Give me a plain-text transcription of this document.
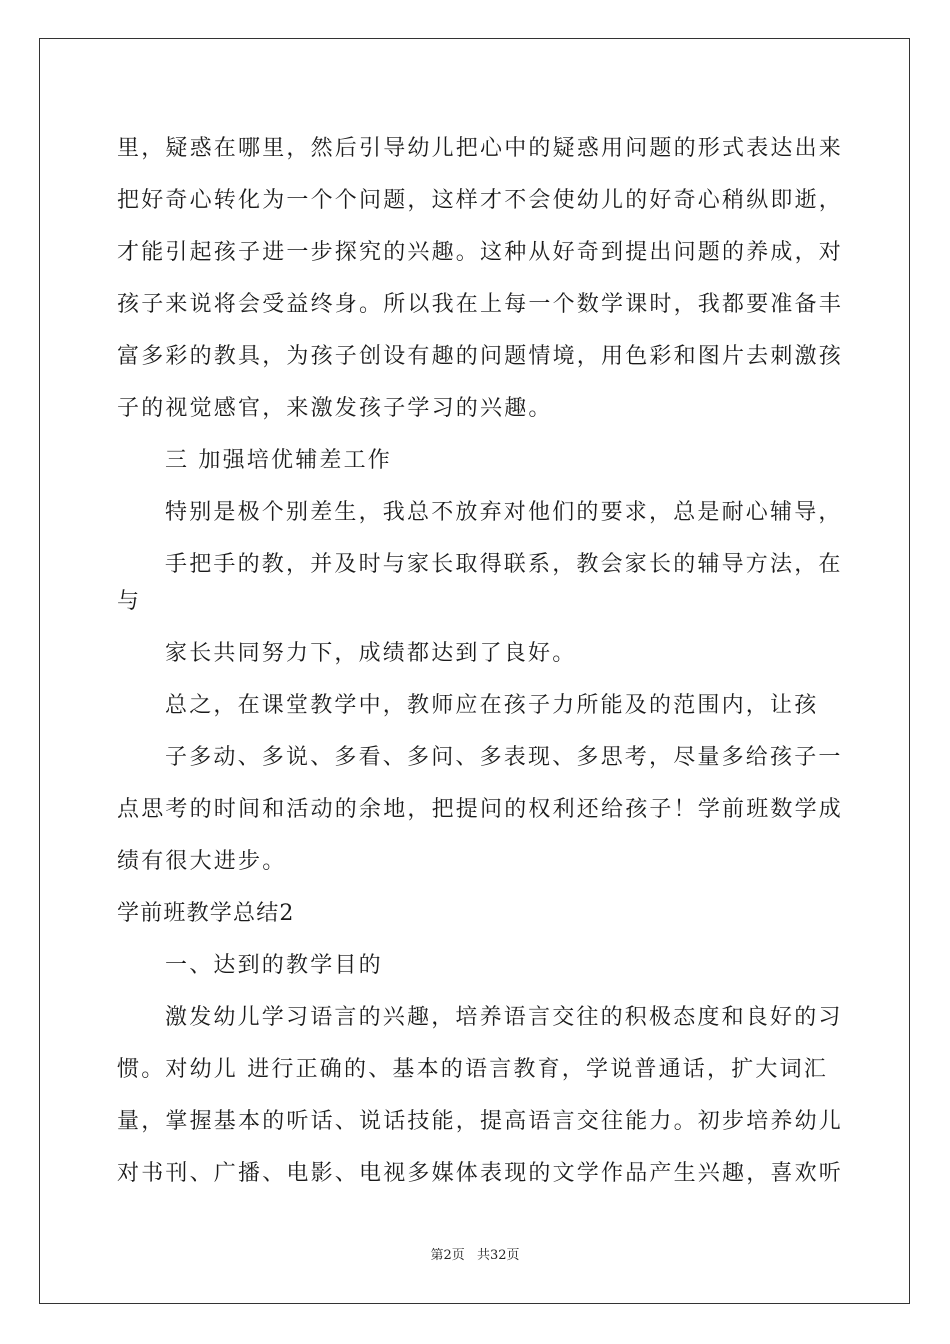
里，疑惑在哪里，然后引导幼儿把心中的疑惑用问题的形式表达出来
把好奇心转化为一个个问题，这样才不会使幼儿的好奇心稍纵即逝，
才能引起孩子进一步探究的兴趣。这种从好奇到提出问题的养成，对
孩子来说将会受益终身。所以我在上每一个数学课时，我都要准备丰
富多彩的教具，为孩子创设有趣的问题情境，用色彩和图片去刺激孩
子的视觉感官，来激发孩子学习的兴趣。
三 加强培优辅差工作
特别是极个别差生，我总不放弃对他们的要求，总是耐心辅导，
手把手的教，并及时与家长取得联系，教会家长的辅导方法，在
与
家长共同努力下，成绩都达到了良好。
总之，在课堂教学中，教师应在孩子力所能及的范围内，让孩
子多动、多说、多看、多问、多表现、多思考，尽量多给孩子一
点思考的时间和活动的余地，把提问的权利还给孩子！学前班数学成
绩有很大进步。
学前班教学总结2
一、达到的教学目的
激发幼儿学习语言的兴趣，培养语言交往的积极态度和良好的习
惯。对幼儿 进行正确的、基本的语言教育，学说普通话，扩大词汇
量，掌握基本的听话、说话技能，提高语言交往能力。初步培养幼儿
对书刊、广播、电影、电视多媒体表现的文学作品产生兴趣，喜欢听
第2页 共32页
